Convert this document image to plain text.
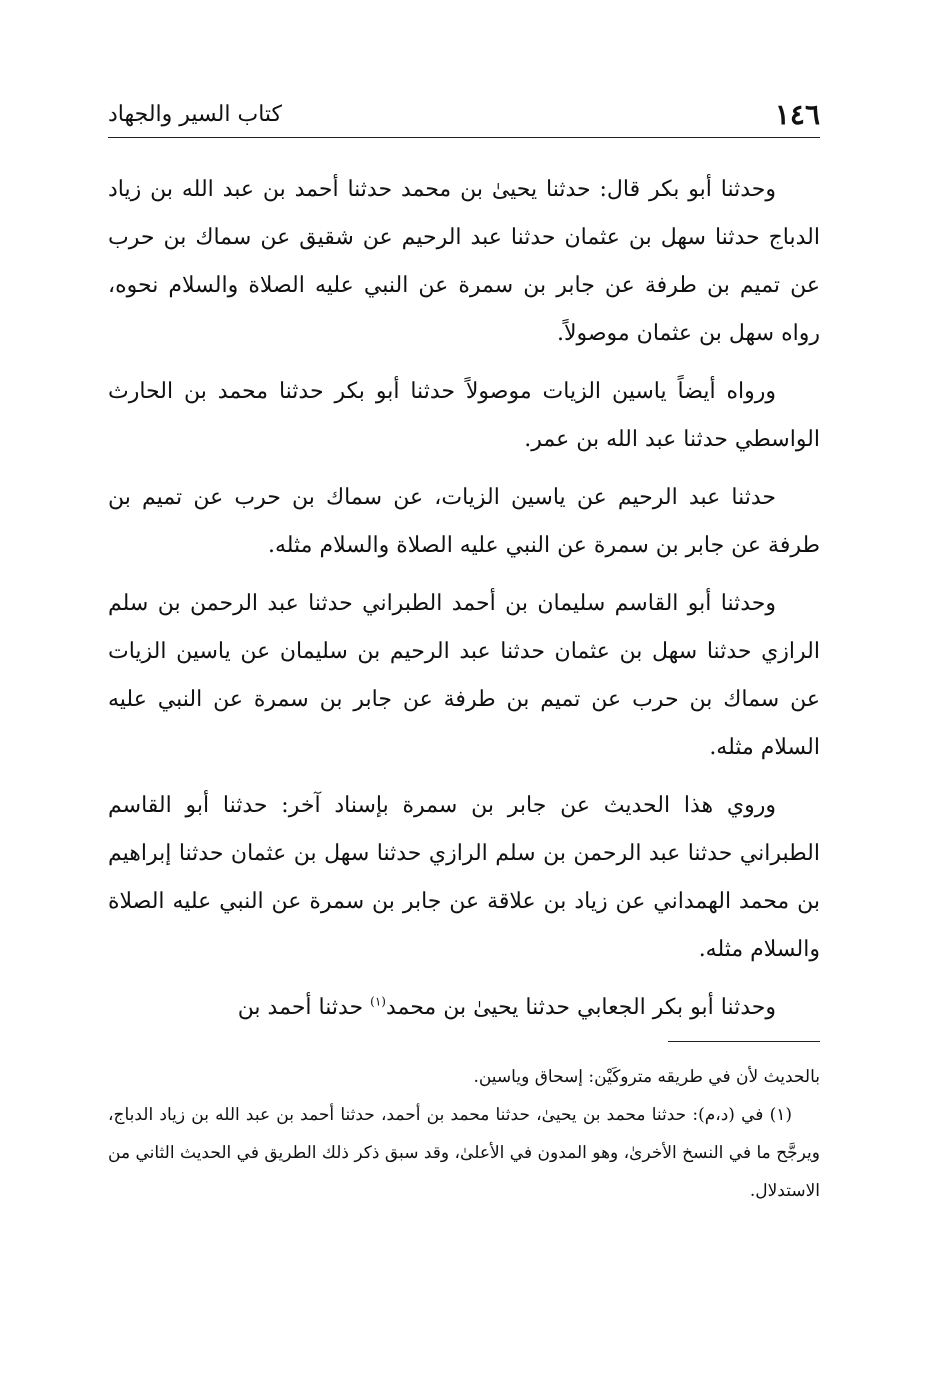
١٤٦
كتاب السير والجهاد

وحدثنا أبو بكر قال: حدثنا يحيىٰ بن محمد حدثنا أحمد بن عبد الله بن زياد الدباج حدثنا سهل بن عثمان حدثنا عبد الرحيم عن شقيق عن سماك بن حرب عن تميم بن طرفة عن جابر بن سمرة عن النبي عليه الصلاة والسلام نحوه، رواه سهل بن عثمان موصولاً.

ورواه أيضاً ياسين الزيات موصولاً حدثنا أبو بكر حدثنا محمد بن الحارث الواسطي حدثنا عبد الله بن عمر.

حدثنا عبد الرحيم عن ياسين الزيات، عن سماك بن حرب عن تميم بن طرفة عن جابر بن سمرة عن النبي عليه الصلاة والسلام مثله.

وحدثنا أبو القاسم سليمان بن أحمد الطبراني حدثنا عبد الرحمن بن سلم الرازي حدثنا سهل بن عثمان حدثنا عبد الرحيم بن سليمان عن ياسين الزيات عن سماك بن حرب عن تميم بن طرفة عن جابر بن سمرة عن النبي عليه السلام مثله.

وروي هذا الحديث عن جابر بن سمرة بإسناد آخر: حدثنا أبو القاسم الطبراني حدثنا عبد الرحمن بن سلم الرازي حدثنا سهل بن عثمان حدثنا إبراهيم بن محمد الهمداني عن زياد بن علاقة عن جابر بن سمرة عن النبي عليه الصلاة والسلام مثله.

وحدثنا أبو بكر الجعابي حدثنا يحيىٰ بن محمد$^{(١)}$ حدثنا أحمد بن

بالحديث لأن في طريقه متروكَيْن: إسحاق وياسين.

(١) في (د،م): حدثنا محمد بن يحيىٰ، حدثنا محمد بن أحمد، حدثنا أحمد بن عبد الله بن زياد الدباج، ويرجَّح ما في النسخ الأخرىٰ، وهو المدون في الأعلىٰ، وقد سبق ذكر ذلك الطريق في الحديث الثاني من الاستدلال.
